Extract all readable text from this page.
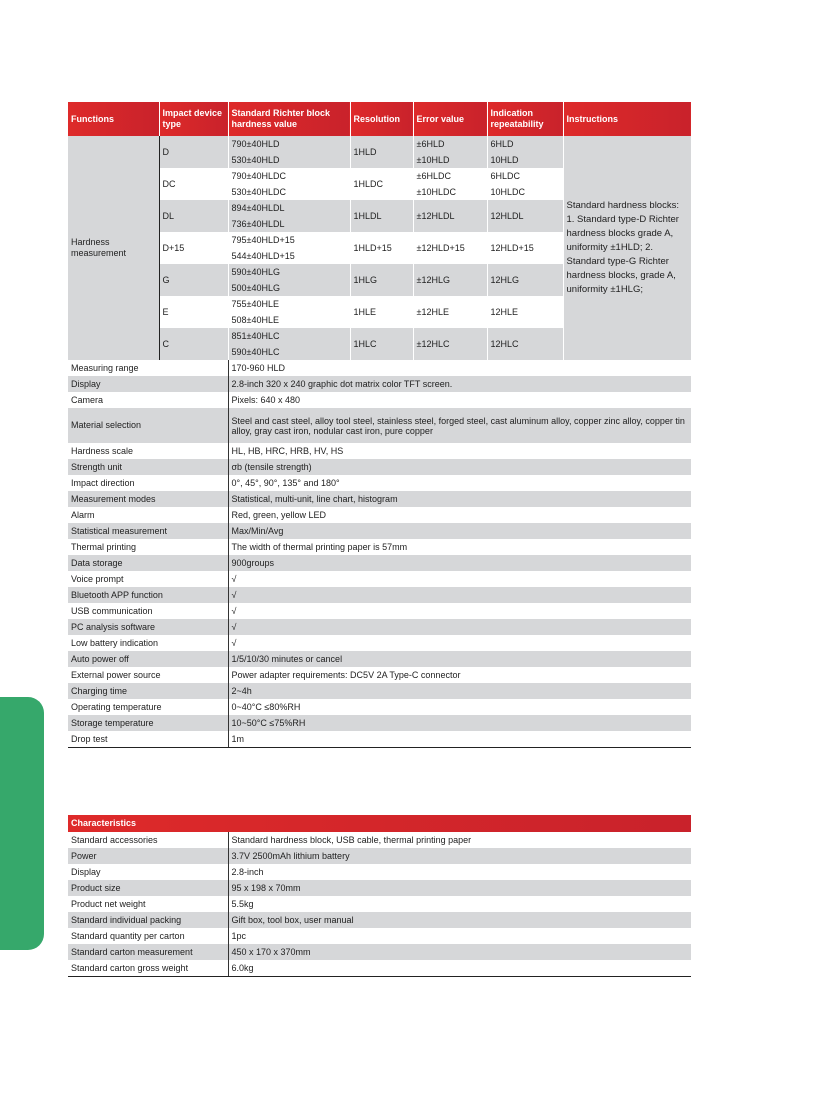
Functions	Impact device type	Standard Richter block hardness value	Resolution	Error value	Indication repeatability	Instructions
Hardness measurement	D	790±40HLD	1HLD	±6HLD	6HLD	Standard hardness blocks: 1. Standard type-D Richter hardness blocks grade A, uniformity ±1HLD; 2. Standard type-G Richter hardness blocks, grade A, uniformity ±1HLG;
		530±40HLD		±10HLD	10HLD	
	DC	790±40HLDC	1HLDC	±6HLDC	6HLDC	
		530±40HLDC		±10HLDC	10HLDC	
	DL	894±40HLDL	1HLDL	±12HLDL	12HLDL	
		736±40HLDL				
	D+15	795±40HLD+15	1HLD+15	±12HLD+15	12HLD+15	
		544±40HLD+15				
	G	590±40HLG	1HLG	±12HLG	12HLG	
		500±40HLG				
	E	755±40HLE	1HLE	±12HLE	12HLE	
		508±40HLE				
	C	851±40HLC	1HLC	±12HLC	12HLC	
		590±40HLC				
Measuring range		170-960 HLD				
Display		2.8-inch 320 x 240 graphic dot matrix color TFT screen.				
Camera		Pixels: 640 x 480				
Material selection		Steel and cast steel, alloy tool steel, stainless steel, forged steel, cast aluminum alloy, copper zinc alloy, copper tin alloy, gray cast iron, nodular cast iron, pure copper				
Hardness scale		HL, HB, HRC, HRB, HV, HS				
Strength unit		σb (tensile strength)				
Impact direction		0°, 45°, 90°, 135° and 180°				
Measurement modes		Statistical, multi-unit, line chart, histogram				
Alarm		Red, green, yellow LED				
Statistical measurement		Max/Min/Avg				
Thermal printing		The width of thermal printing paper is 57mm				
Data storage		900groups				
Voice prompt		√				
Bluetooth APP function		√				
USB communication		√				
PC analysis software		√				
Low battery indication		√				
Auto power off		1/5/10/30 minutes or cancel				
External power source		Power adapter requirements: DC5V 2A Type-C connector				
Charging time		2~4h				
Operating temperature		0~40°C ≤80%RH				
Storage temperature		10~50°C ≤75%RH				
Drop test		1m				
Characteristics	
Standard accessories	Standard hardness block, USB cable, thermal printing paper
Power	3.7V 2500mAh lithium battery
Display	2.8-inch
Product size	95 x 198 x 70mm
Product net weight	5.5kg
Standard individual packing	Gift box, tool box, user manual
Standard quantity per carton	1pc
Standard carton measurement	450 x 170 x 370mm
Standard carton gross weight	6.0kg
